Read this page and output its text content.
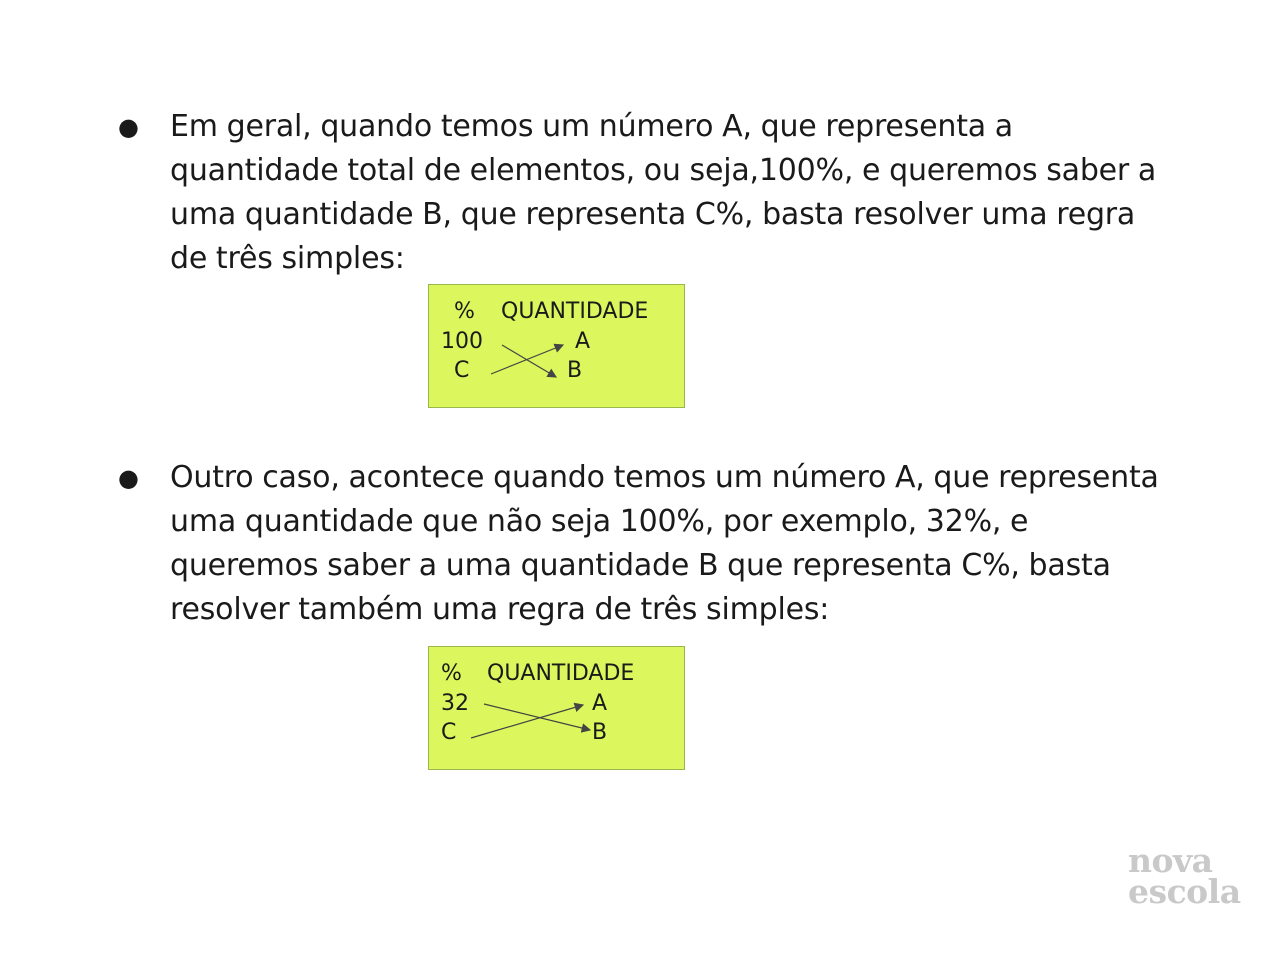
● Em geral, quando temos um número A, que representa a quantidade total de elementos, ou seja,100%, e queremos saber a uma quantidade B, que representa C%, basta resolver uma regra de três simples:
% QUANTIDADE
100	A
C	B
● Outro caso, acontece quando temos um número A, que representa uma quantidade que não seja 100%, por exemplo, 32%, e queremos saber a uma quantidade B que representa C%, basta resolver também uma regra de três simples:
% QUANTIDADE
32	A
C	B
nova
escola
